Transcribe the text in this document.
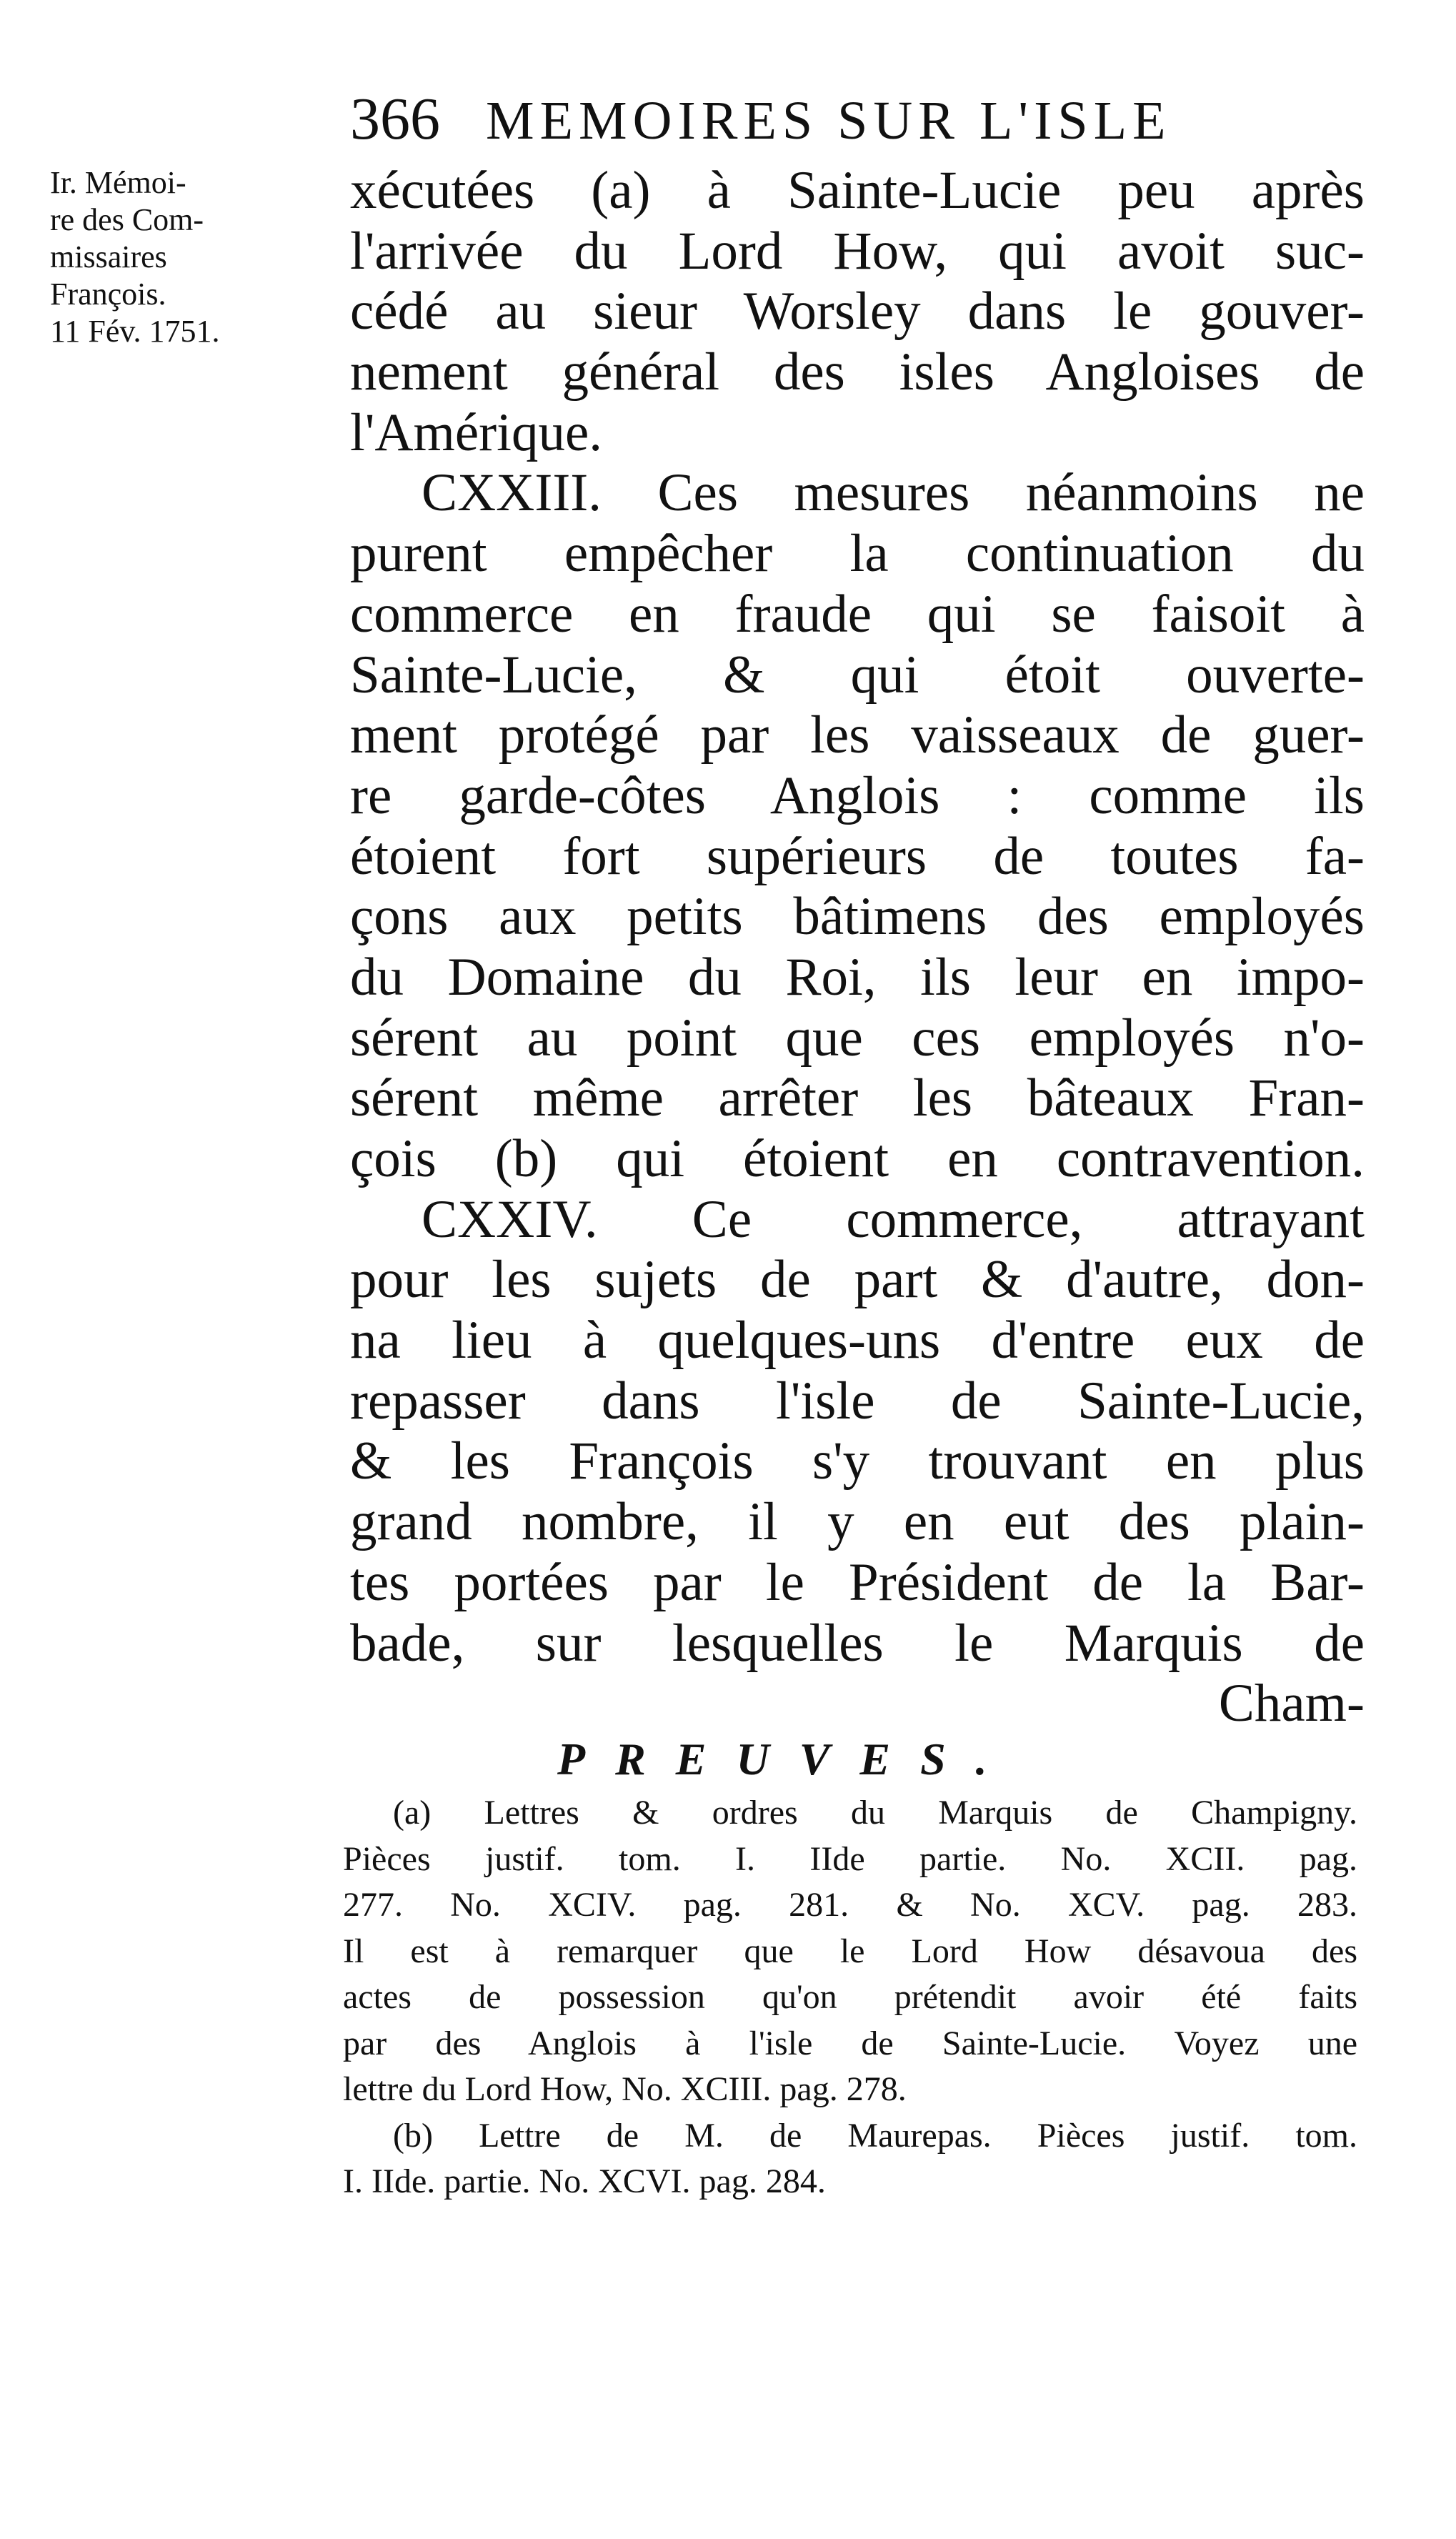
366 MEMOIRES SUR L'ISLE
Ir. Mémoi-
re des Com-
missaires
François.
11 Fév. 1751.
xécutées (a) à Sainte-Lucie peu après
l'arrivée du Lord How, qui avoit suc-
cédé au sieur Worsley dans le gouver-
nement général des isles Angloises de
l'Amérique.
CXXIII. Ces mesures néanmoins ne
purent empêcher la continuation du
commerce en fraude qui se faisoit à
Sainte-Lucie, & qui étoit ouverte-
ment protégé par les vaisseaux de guer-
re garde-côtes Anglois : comme ils
étoient fort supérieurs de toutes fa-
çons aux petits bâtimens des employés
du Domaine du Roi, ils leur en impo-
sérent au point que ces employés n'o-
sérent même arrêter les bâteaux Fran-
çois (b) qui étoient en contravention.
CXXIV. Ce commerce, attrayant
pour les sujets de part & d'autre, don-
na lieu à quelques-uns d'entre eux de
repasser dans l'isle de Sainte-Lucie,
& les François s'y trouvant en plus
grand nombre, il y en eut des plain-
tes portées par le Président de la Bar-
bade, sur lesquelles le Marquis de
Cham-
PREUVES.
(a) Lettres & ordres du Marquis de Champigny.
Pièces justif. tom. I. IIde partie. No. XCII. pag.
277. No. XCIV. pag. 281. & No. XCV. pag. 283.
Il est à remarquer que le Lord How désavoua des
actes de possession qu'on prétendit avoir été faits
par des Anglois à l'isle de Sainte-Lucie. Voyez une
lettre du Lord How, No. XCIII. pag. 278.
(b) Lettre de M. de Maurepas. Pièces justif. tom.
I. IIde. partie. No. XCVI. pag. 284.
